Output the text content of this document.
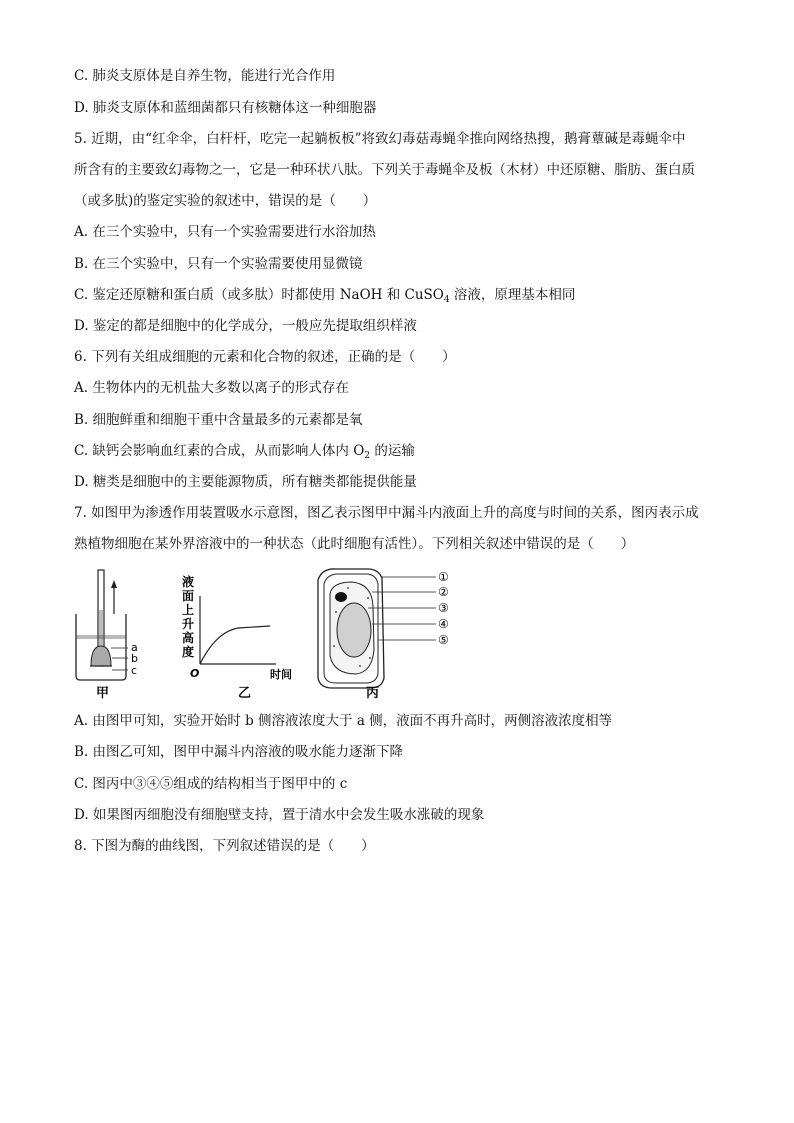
C. 肺炎支原体是自养生物，能进行光合作用
D. 肺炎支原体和蓝细菌都只有核糖体这一种细胞器
5. 近期，由“红伞伞，白杆杆，吃完一起躺板板”将致幻毒菇毒蝇伞推向网络热搜，鹅膏蕈碱是毒蝇伞中
所含有的主要致幻毒物之一，它是一种环状八肽。下列关于毒蝇伞及板（木材）中还原糖、脂肪、蛋白质
（或多肽)的鉴定实验的叙述中，错误的是（　　）
A. 在三个实验中，只有一个实验需要进行水浴加热
B. 在三个实验中，只有一个实验需要使用显微镜
C. 鉴定还原糖和蛋白质（或多肽）时都使用 NaOH 和 CuSO$_4$ 溶液，原理基本相同
D. 鉴定的都是细胞中的化学成分，一般应先提取组织样液
6. 下列有关组成细胞的元素和化合物的叙述，正确的是（　　）
A. 生物体内的无机盐大多数以离子的形式存在
B. 细胞鲜重和细胞干重中含量最多的元素都是氧
C. 缺钙会影响血红素的合成，从而影响人体内 $O_2$ 的运输
D. 糖类是细胞中的主要能源物质，所有糖类都能提供能量
7. 如图甲为渗透作用装置吸水示意图，图乙表示图甲中漏斗内液面上升的高度与时间的关系，图丙表示成
熟植物细胞在某外界溶液中的一种状态（此时细胞有活性）。下列相关叙述中错误的是（　　）
a
b
c
甲
液
面
上
升
高
度
O	时间
乙
①
②
③
④
⑤
丙
A. 由图甲可知，实验开始时 b 侧溶液浓度大于 a 侧，液面不再升高时，两侧溶液浓度相等
B. 由图乙可知，图甲中漏斗内溶液的吸水能力逐渐下降
C. 图丙中③④⑤组成的结构相当于图甲中的 c
D. 如果图丙细胞没有细胞壁支持，置于清水中会发生吸水涨破的现象
8. 下图为酶的曲线图，下列叙述错误的是（　　）
